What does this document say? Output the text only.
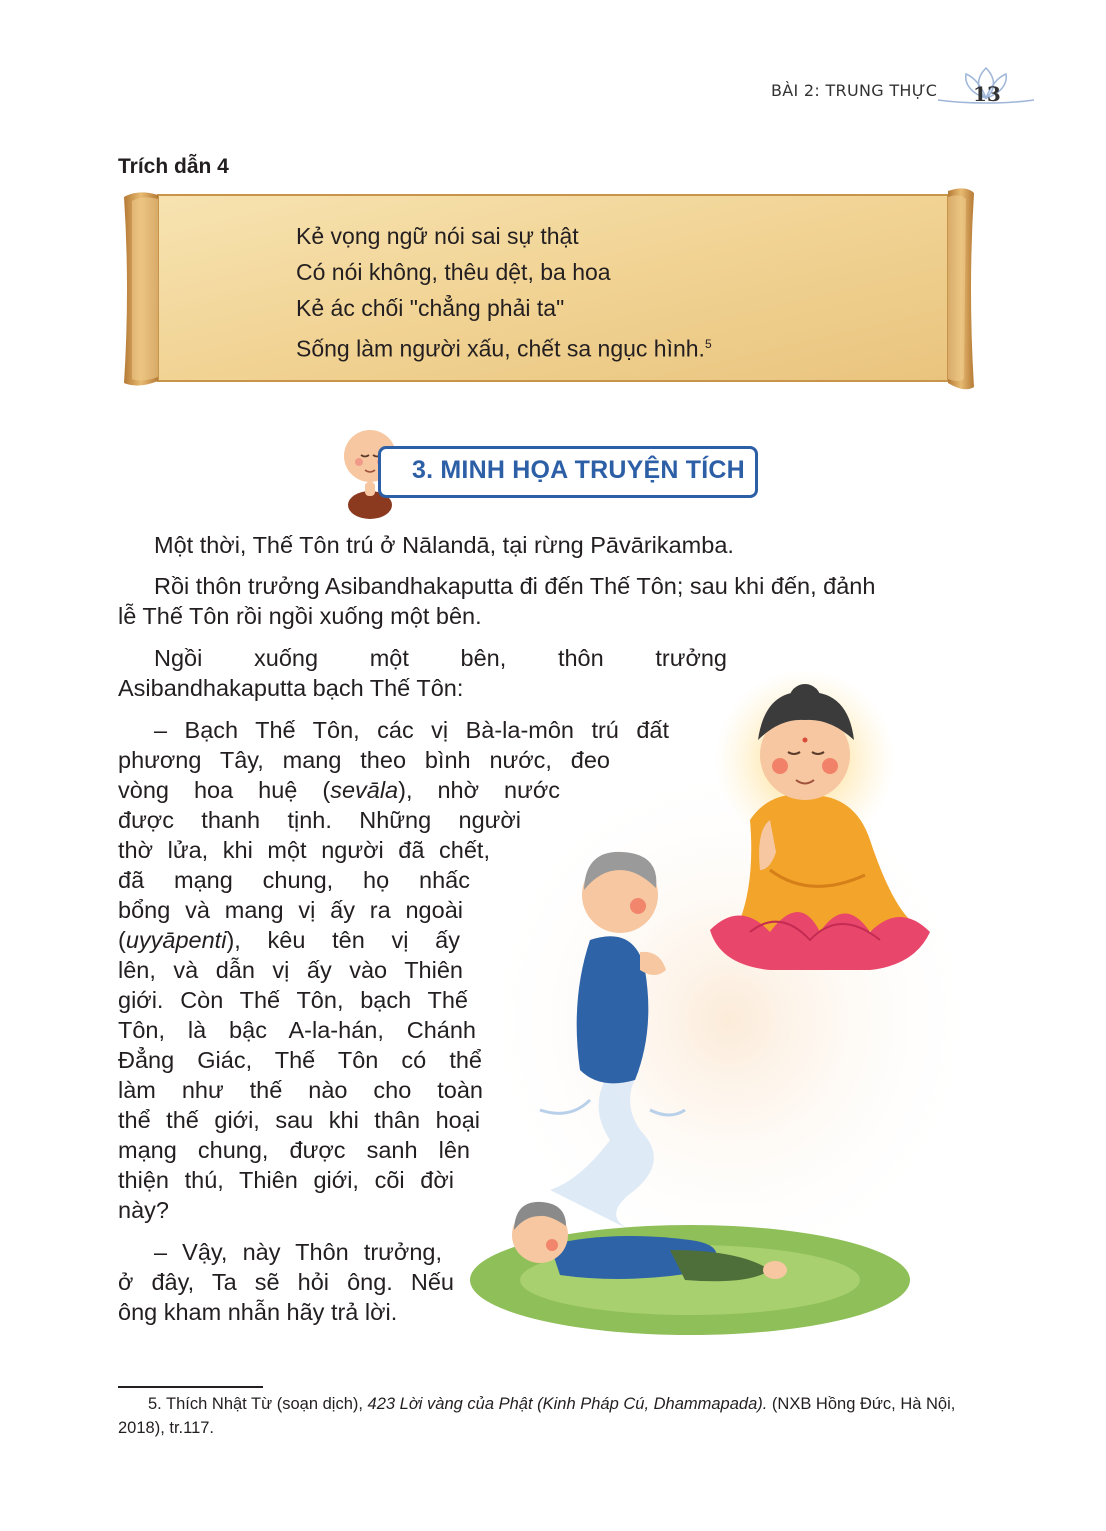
BÀI 2: TRUNG THỰC 13
Trích dẫn 4
Kẻ vọng ngữ nói sai sự thật
Có nói không, thêu dệt, ba hoa
Kẻ ác chối "chẳng phải ta"
Sống làm người xấu, chết sa ngục hình.$^5$
3. MINH HỌA TRUYỆN TÍCH

Một thời, Thế Tôn trú ở Nālandā, tại rừng Pāvārikamba.

Rồi thôn trưởng Asibandhakaputta đi đến Thế Tôn; sau khi đến, đảnh

lễ Thế Tôn rồi ngồi xuống một bên.

Ngồi xuống một bên, thôn trưởng

Asibandhakaputta bạch Thế Tôn:

– Bạch Thế Tôn, các vị Bà-la-môn trú đất

phương Tây, mang theo bình nước, đeo

vòng hoa huệ (sevāla), nhờ nước

được thanh tịnh. Những người

thờ lửa, khi một người đã chết,

đã mạng chung, họ nhấc

bổng và mang vị ấy ra ngoài

(uyyāpenti), kêu tên vị ấy

lên, và dẫn vị ấy vào Thiên

giới. Còn Thế Tôn, bạch Thế

Tôn, là bậc A-la-hán, Chánh

Đẳng Giác, Thế Tôn có thể

làm như thế nào cho toàn

thể thế giới, sau khi thân hoại

mạng chung, được sanh lên

thiện thú, Thiên giới, cõi đời

này?

– Vậy, này Thôn trưởng,

ở đây, Ta sẽ hỏi ông. Nếu

ông kham nhẫn hãy trả lời.

5. Thích Nhật Từ (soạn dịch), 423 Lời vàng của Phật (Kinh Pháp Cú, Dhammapada). (NXB Hồng Đức, Hà Nội, 2018), tr.117.
